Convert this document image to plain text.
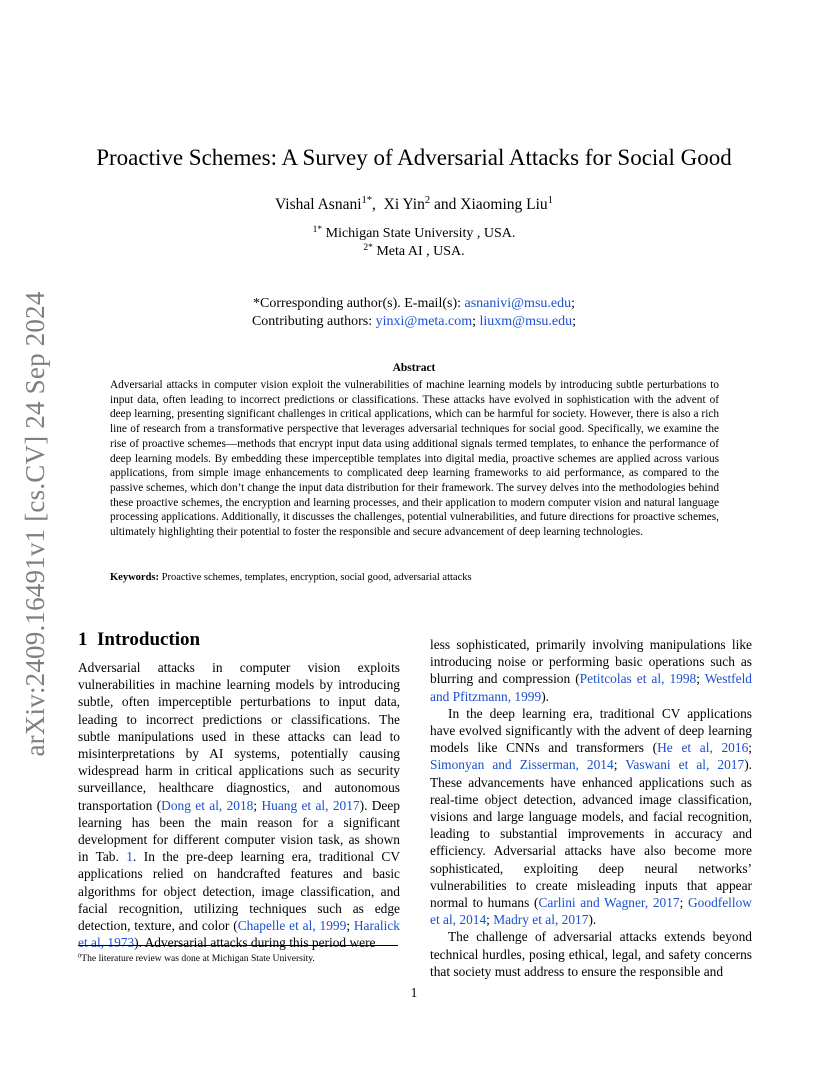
arXiv:2409.16491v1 [cs.CV] 24 Sep 2024
Proactive Schemes: A Survey of Adversarial Attacks for Social Good
Vishal Asnani$^{1*}$,  Xi Yin$^2$ and Xiaoming Liu$^1$
$^{1*}$ Michigan State University , USA.
$^{2*}$ Meta AI , USA.
*Corresponding author(s). E-mail(s): asnanivi@msu.edu;
Contributing authors: yinxi@meta.com; liuxm@msu.edu;
Abstract

Adversarial attacks in computer vision exploit the vulnerabilities of machine learning models by introducing subtle perturbations to input data, often leading to incorrect predictions or classifications. These attacks have evolved in sophistication with the advent of deep learning, presenting significant challenges in critical applications, which can be harmful for society. However, there is also a rich line of research from a transformative perspective that leverages adversarial techniques for social good. Specifically, we examine the rise of proactive schemes—methods that encrypt input data using additional signals termed templates, to enhance the performance of deep learning models. By embedding these imperceptible templates into digital media, proactive schemes are applied across various applications, from simple image enhancements to complicated deep learning frameworks to aid performance, as compared to the passive schemes, which don’t change the input data distribution for their framework. The survey delves into the methodologies behind these proactive schemes, the encryption and learning processes, and their application to modern computer vision and natural language processing applications. Additionally, it discusses the challenges, potential vulnerabilities, and future directions for proactive schemes, ultimately highlighting their potential to foster the responsible and secure advancement of deep learning technologies.

Keywords: Proactive schemes, templates, encryption, social good, adversarial attacks
1 Introduction

Adversarial attacks in computer vision exploits vulnerabilities in machine learning models by introducing subtle, often imperceptible perturbations to input data, leading to incorrect predictions or classifications. The subtle manipulations used in these attacks can lead to misinterpretations by AI systems, potentially causing widespread harm in critical applications such as security surveillance, healthcare diagnostics, and autonomous transportation (Dong et al, 2018; Huang et al, 2017). Deep learning has been the main reason for a significant development for different computer vision task, as shown in Tab. 1. In the pre-deep learning era, traditional CV applications relied on handcrafted features and basic algorithms for object detection, image classification, and facial recognition, utilizing techniques such as edge detection, texture, and color (Chapelle et al, 1999; Haralick et al, 1973). Adversarial attacks during this period were

less sophisticated, primarily involving manipulations like introducing noise or performing basic operations such as blurring and compression (Petitcolas et al, 1998; Westfeld and Pfitzmann, 1999).

In the deep learning era, traditional CV applications have evolved significantly with the advent of deep learning models like CNNs and transformers (He et al, 2016; Simonyan and Zisserman, 2014; Vaswani et al, 2017). These advancements have enhanced applications such as real-time object detection, advanced image classification, visions and large language models, and facial recognition, leading to substantial improvements in accuracy and efficiency. Adversarial attacks have also become more sophisticated, exploiting deep neural networks’ vulnerabilities to create misleading inputs that appear normal to humans (Carlini and Wagner, 2017; Goodfellow et al, 2014; Madry et al, 2017).

The challenge of adversarial attacks extends beyond technical hurdles, posing ethical, legal, and safety concerns that society must address to ensure the responsible and

$^0$The literature review was done at Michigan State University.
1
